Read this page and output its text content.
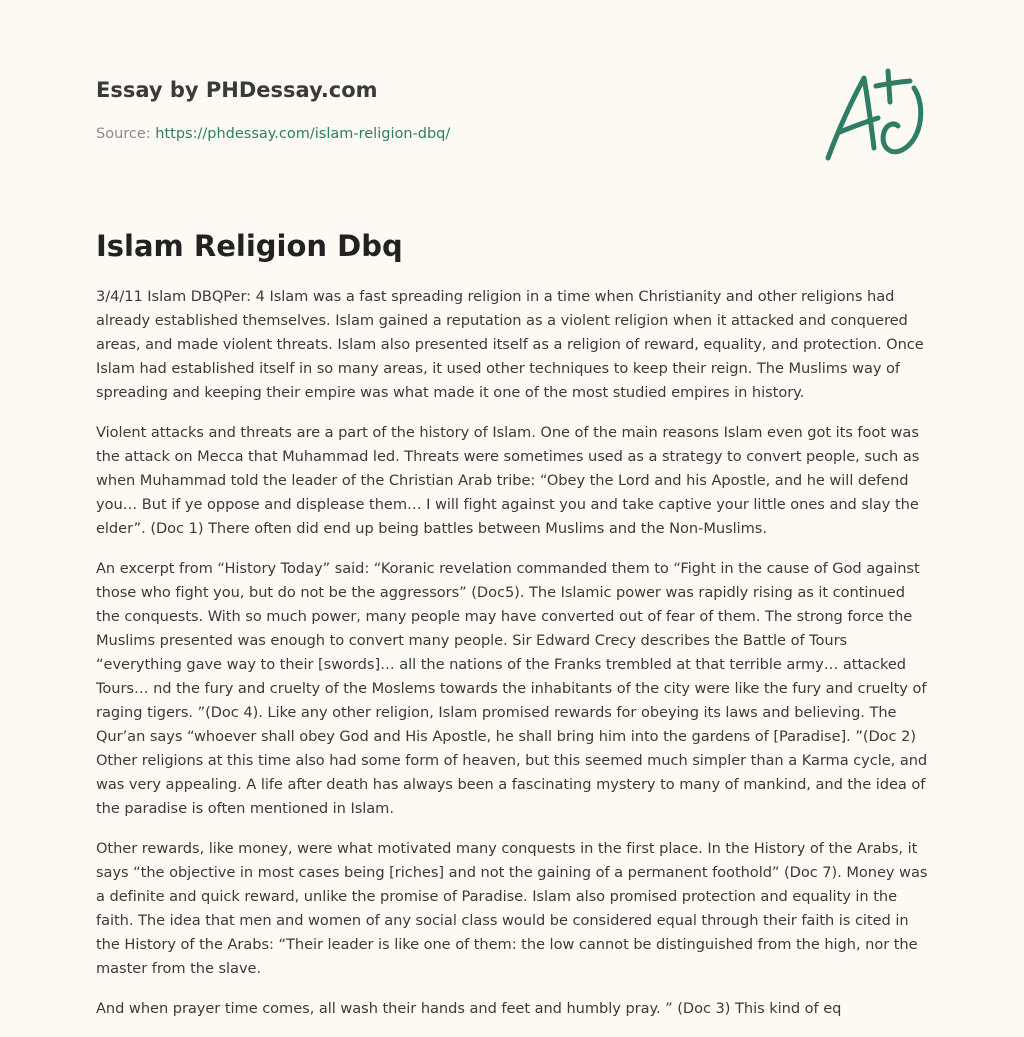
Essay by PHDessay.com
Source: https://phdessay.com/islam-religion-dbq/
Islam Religion Dbq

3/4/11 Islam DBQPer: 4 Islam was a fast spreading religion in a time when Christianity and other religions had already established themselves. Islam gained a reputation as a violent religion when it attacked and conquered areas, and made violent threats. Islam also presented itself as a religion of reward, equality, and protection. Once Islam had established itself in so many areas, it used other techniques to keep their reign. The Muslims way of spreading and keeping their empire was what made it one of the most studied empires in history.

Violent attacks and threats are a part of the history of Islam. One of the main reasons Islam even got its foot was the attack on Mecca that Muhammad led. Threats were sometimes used as a strategy to convert people, such as when Muhammad told the leader of the Christian Arab tribe: “Obey the Lord and his Apostle, and he will defend you… But if ye oppose and displease them… I will fight against you and take captive your little ones and slay the elder”. (Doc 1) There often did end up being battles between Muslims and the Non-Muslims.

An excerpt from “History Today” said: “Koranic revelation commanded them to “Fight in the cause of God against those who fight you, but do not be the aggressors” (Doc5). The Islamic power was rapidly rising as it continued the conquests. With so much power, many people may have converted out of fear of them. The strong force the Muslims presented was enough to convert many people. Sir Edward Crecy describes the Battle of Tours “everything gave way to their [swords]… all the nations of the Franks trembled at that terrible army… attacked Tours… nd the fury and cruelty of the Moslems towards the inhabitants of the city were like the fury and cruelty of raging tigers. ”(Doc 4). Like any other religion, Islam promised rewards for obeying its laws and believing. The Qur’an says “whoever shall obey God and His Apostle, he shall bring him into the gardens of [Paradise]. ”(Doc 2) Other religions at this time also had some form of heaven, but this seemed much simpler than a Karma cycle, and was very appealing. A life after death has always been a fascinating mystery to many of mankind, and the idea of the paradise is often mentioned in Islam.

Other rewards, like money, were what motivated many conquests in the first place. In the History of the Arabs, it says “the objective in most cases being [riches] and not the gaining of a permanent foothold” (Doc 7). Money was a definite and quick reward, unlike the promise of Paradise. Islam also promised protection and equality in the faith. The idea that men and women of any social class would be considered equal through their faith is cited in the History of the Arabs: “Their leader is like one of them: the low cannot be distinguished from the high, nor the master from the slave.

And when prayer time comes, all wash their hands and feet and humbly pray. ” (Doc 3) This kind of eq
